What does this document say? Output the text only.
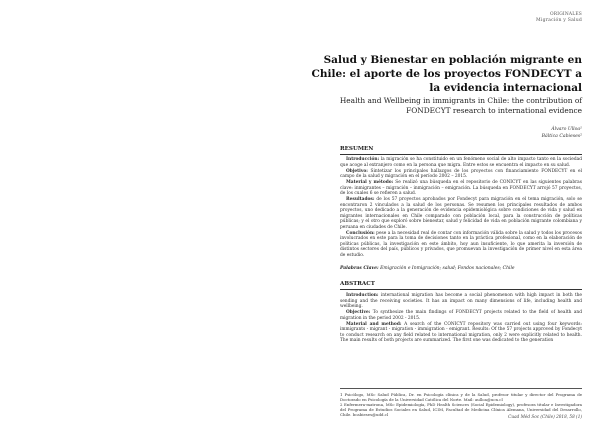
ORIGINALES
Migración y Salud
Salud y Bienestar en población migrante en Chile: el aporte de los proyectos FONDECYT a la evidencia internacional
Health and Wellbeing in immigrants in Chile: the contribution of FONDECYT research to international evidence
Álvaro Ulloa¹
Báltica Cabieses²
RESUMEN

Introducción: la migración se ha constituido en un fenómeno social de alto impacto tanto en la sociedad que acoge al extranjero como en la persona que migra. Entre estos se encuentra el impacto en su salud.

Objetivo: Sintetizar los principales hallazgos de los proyectos con financiamiento FONDECYT en el campo de la salud y migración en el período 2002 – 2015.

Material y método: Se realizó una búsqueda en el repositorio de CONICYT en las siguientes palabras clave: inmigrantes – migración – inmigración – emigración. La búsqueda en FONDECYT arrojó 57 proyectos, de los cuales 6 se refieren a salud.

Resultados: de los 57 proyectos aprobados por Fondecyt para migración en el tema migración, solo se encontraron 2 vinculados a la salud de los personas. Se resumen los principales resultados de ambos proyectos, uno dedicado a la generación de evidencia epidemiológica sobre condiciones de vida y salud en migrantes internacionales en Chile comparado con población local, para la construcción de políticas públicas; y el otro que exploró sobre bienestar, salud y felicidad de vida en población migrante colombiana y peruana en ciudades de Chile.

Conclusión: pese a la necesidad real de contar con información válida sobre la salud y todos los procesos involucrados en este para la toma de decisiones tanto en la práctica profesional, como en la elaboración de políticas públicas, la investigación en este ámbito, hoy aun insuficiente, lo que amerita la inversión de distintos sectores del país, públicos y privados, que promuevan la investigación de primer nivel en esta área de estudio.

Palabras Clave: Emigración e Inmigración; salud; Fondos nacionales; Chile
ABSTRACT

Introduction: international migration has become a social phenomenon with high impact in both the sending and the receiving societies. It has an impact on many dimensions of life, including health and wellbeing.

Objective: To synthesize the main findings of FONDECYT projects related to the field of health and migration in the period 2002 - 2015.

Material and method: A search of the CONICYT repository was carried out using four keywords: immigrants - migrant - migration - immigration - emigrant. Results: Of the 57 projects approved by Fondecyt to conduct research on any field related to international migration, only 2 were explicitly related to health. The main results of both projects are summarized. The first one was dedicated to the generation

1 Psicólogo, MSc Salud Pública, Dr. en Psicología clínica y de la Salud, profesor titular y director del Programa de Doctorado en Psicología de la Universidad Católica del Norte. Mail: aulloa@ucn.cl

2 Enfermera-matrona, MSc Epidemiología, PhD Health Sciences (Social Epidemiology), profesora titular e Investigadora del Programa de Estudios Sociales en Salud, ICIM, Facultad de Medicina Clínica Alemana, Universidad del Desarrollo, Chile. bcabieses@udd.cl	Cuad Méd Soc (Chile) 2018, 58 (1)
